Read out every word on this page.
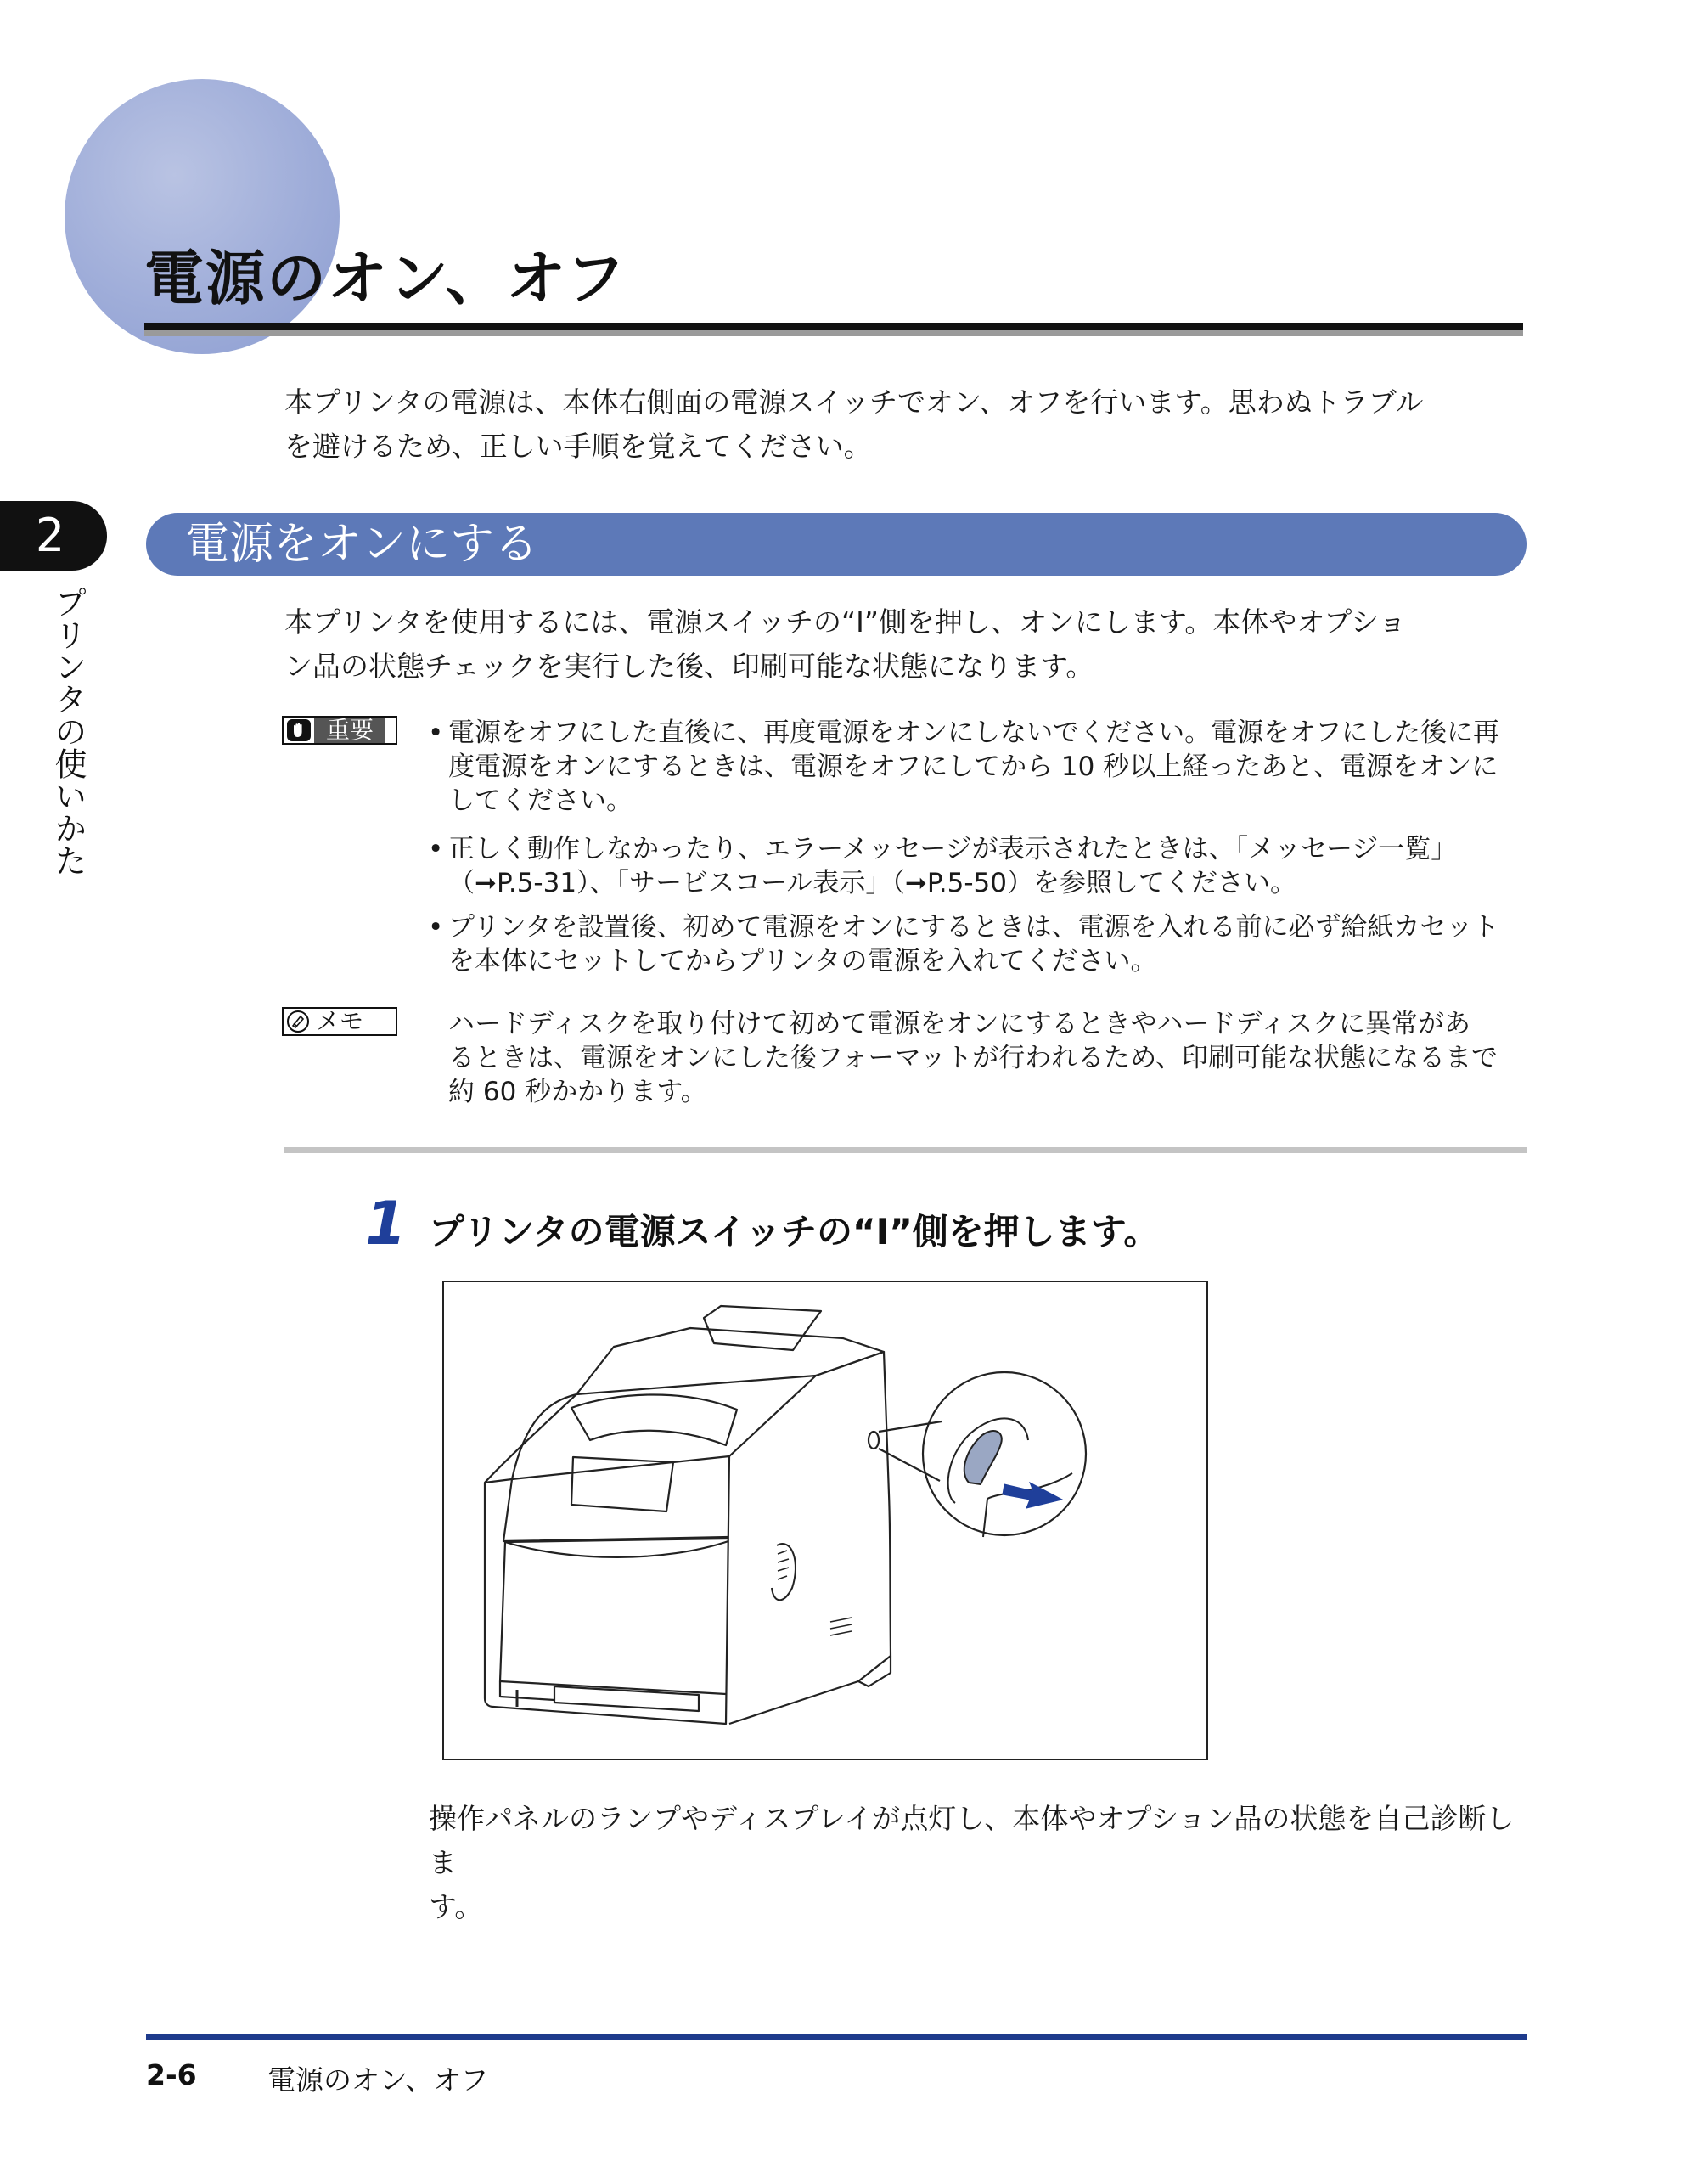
電源のオン、オフ
本プリンタの電源は、本体右側面の電源スイッチでオン、オフを行います。思わぬトラブル
を避けるため、正しい手順を覚えてください。
2
プリンタの使いかた
電源をオンにする
本プリンタを使用するには、電源スイッチの“I”側を押し、オンにします。本体やオプショ
ン品の状態チェックを実行した後、印刷可能な状態になります。
重要	• 電源をオフにした直後に、再度電源をオンにしないでください。電源をオフにした後に再
度電源をオンにするときは、電源をオフにしてから 10 秒以上経ったあと、電源をオンに
してください。
• 正しく動作しなかったり、エラーメッセージが表示されたときは、「メッセージ一覧」
（➞P.5-31）、「サービスコール表示」（➞P.5-50）を参照してください。
• プリンタを設置後、初めて電源をオンにするときは、電源を入れる前に必ず給紙カセット
を本体にセットしてからプリンタの電源を入れてください。
メモ	ハードディスクを取り付けて初めて電源をオンにするときやハードディスクに異常があ
るときは、電源をオンにした後フォーマットが行われるため、印刷可能な状態になるまで
約 60 秒かかります。
1 プリンタの電源スイッチの“I”側を押します。
操作パネルのランプやディスプレイが点灯し、本体やオプション品の状態を自己診断しま
す。
2-6	電源のオン、オフ
